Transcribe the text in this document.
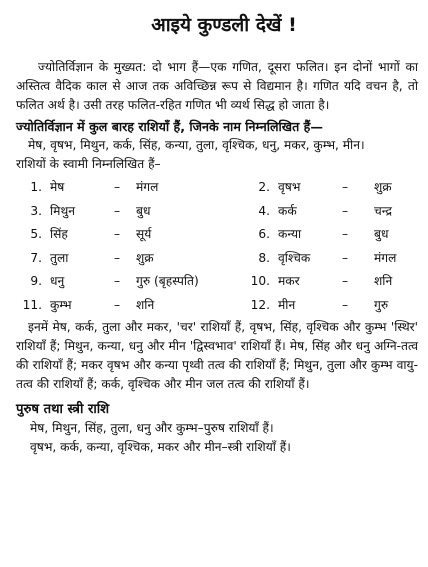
आइये कुण्डली देखें !

ज्योतिर्विज्ञान के मुख्यत: दो भाग हैं—एक गणित, दूसरा फलित। इन दोनों भागों का अस्तित्व वैदिक काल से आज तक अविच्छिन्न रूप से विद्यमान है। गणित यदि वचन है, तो फलित अर्थ है। उसी तरह फलित-रहित गणित भी व्यर्थ सिद्ध हो जाता है।

ज्योतिर्विज्ञान में कुल बारह राशियाँ हैं, जिनके नाम निम्नलिखित हैं—
मेष, वृषभ, मिथुन, कर्क, सिंह, कन्या, तुला, वृश्चिक, धनु, मकर, कुम्भ, मीन।
राशियों के स्वामी निम्नलिखित हैं–
1. मेष	–	मंगल	2. वृषभ	–	शुक्र
3. मिथुन	–	बुध	4. कर्क	–	चन्द्र
5. सिंह	–	सूर्य	6. कन्या	–	बुध
7. तुला	–	शुक्र	8. वृश्चिक	–	मंगल
9. धनु	–	गुरु (बृहस्पति)	10. मकर	–	शनि
11. कुम्भ	–	शनि	12. मीन	–	गुरु

इनमें मेष, कर्क, तुला और मकर, 'चर' राशियाँ हैं, वृषभ, सिंह, वृश्चिक और कुम्भ 'स्थिर' राशियाँ हैं; मिथुन, कन्या, धनु और मीन 'द्विस्वभाव' राशियाँ हैं। मेष, सिंह और धनु अग्नि-तत्व की राशियाँ हैं; मकर वृषभ और कन्या पृथ्वी तत्व की राशियाँ हैं; मिथुन, तुला और कुम्भ वायु-तत्व की राशियाँ हैं; कर्क, वृश्चिक और मीन जल तत्व की राशियाँ हैं।

पुरुष तथा स्त्री राशि
मेष, मिथुन, सिंह, तुला, धनु और कुम्भ–पुरुष राशियाँ हैं।
वृषभ, कर्क, कन्या, वृश्चिक, मकर और मीन–स्त्री राशियाँ हैं।
